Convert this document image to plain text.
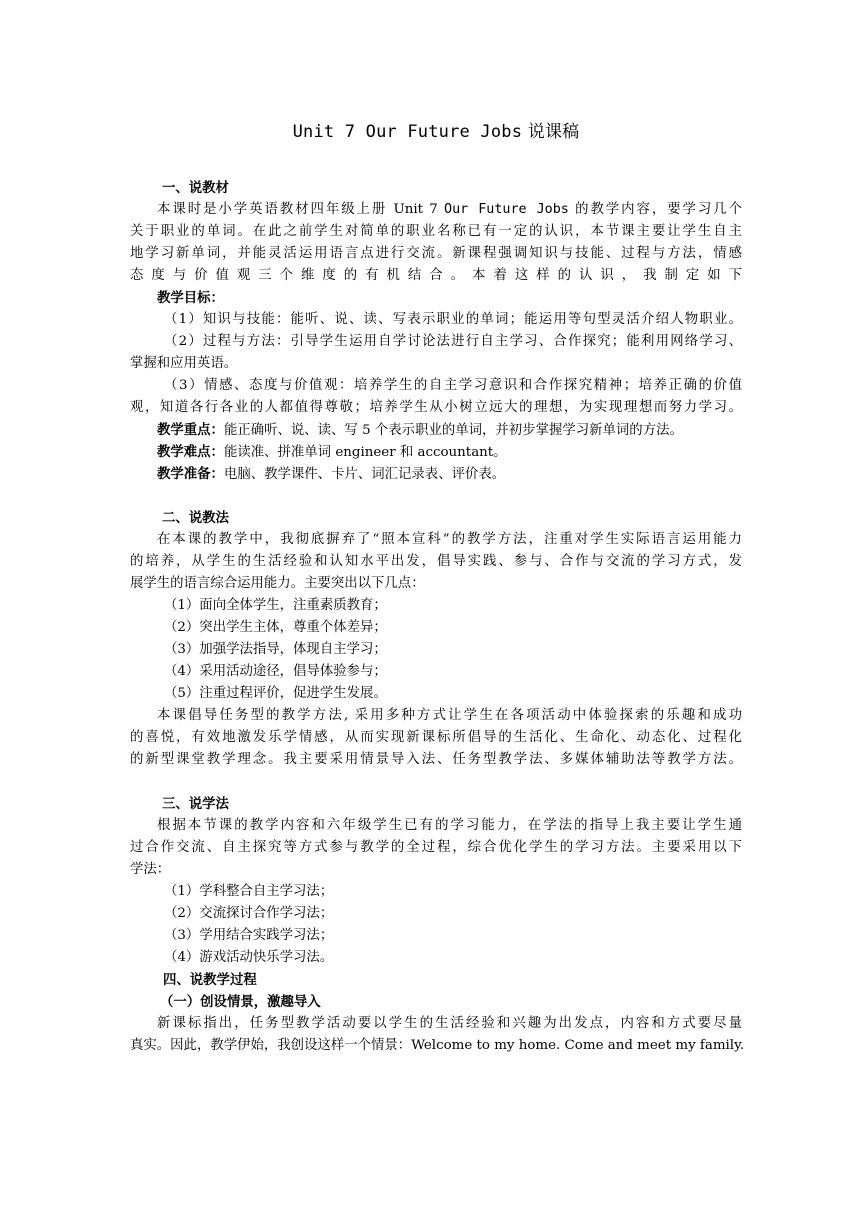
Unit 7 Our Future Jobs 说课稿
一、说教材
本课时是小学英语教材四年级上册 Unit 7 Our Future Jobs 的教学内容，要学习几个
关于职业的单词。在此之前学生对简单的职业名称已有一定的认识，本节课主要让学生自主
地学习新单词，并能灵活运用语言点进行交流。新课程强调知识与技能、过程与方法，情感
态度与价值观三个维度的有机结合。本着这样的认识，我制定如下
教学目标：
（1）知识与技能：能听、说、读、写表示职业的单词；能运用等句型灵活介绍人物职业。
（2）过程与方法：引导学生运用自学讨论法进行自主学习、合作探究；能利用网络学习、
掌握和应用英语。
（3）情感、态度与价值观：培养学生的自主学习意识和合作探究精神；培养正确的价值
观，知道各行各业的人都值得尊敬；培养学生从小树立远大的理想，为实现理想而努力学习。
教学重点：能正确听、说、读、写 5 个表示职业的单词，并初步掌握学习新单词的方法。
教学难点：能读准、拼准单词 engineer 和 accountant。
教学准备：电脑、教学课件、卡片、词汇记录表、评价表。
二、说教法
在本课的教学中，我彻底摒弃了“照本宣科”的教学方法，注重对学生实际语言运用能力
的培养，从学生的生活经验和认知水平出发，倡导实践、参与、合作与交流的学习方式，发
展学生的语言综合运用能力。主要突出以下几点：
（1）面向全体学生，注重素质教育；
（2）突出学生主体，尊重个体差异；
（3）加强学法指导，体现自主学习；
（4）采用活动途径，倡导体验参与；
（5）注重过程评价，促进学生发展。
本课倡导任务型的教学方法, 采用多种方式让学生在各项活动中体验探索的乐趣和成功
的喜悦，有效地激发乐学情感，从而实现新课标所倡导的生活化、生命化、动态化、过程化
的新型课堂教学理念。我主要采用情景导入法、任务型教学法、多媒体辅助法等教学方法。
三、说学法
根据本节课的教学内容和六年级学生已有的学习能力，在学法的指导上我主要让学生通
过合作交流、自主探究等方式参与教学的全过程，综合优化学生的学习方法。主要采用以下
学法：
（1）学科整合自主学习法；
（2）交流探讨合作学习法；
（3）学用结合实践学习法；
（4）游戏活动快乐学习法。
四、说教学过程
（一）创设情景，激趣导入
新课标指出，任务型教学活动要以学生的生活经验和兴趣为出发点，内容和方式要尽量
真实。因此，教学伊始，我创设这样一个情景：Welcome to my home. Come and meet my family.
